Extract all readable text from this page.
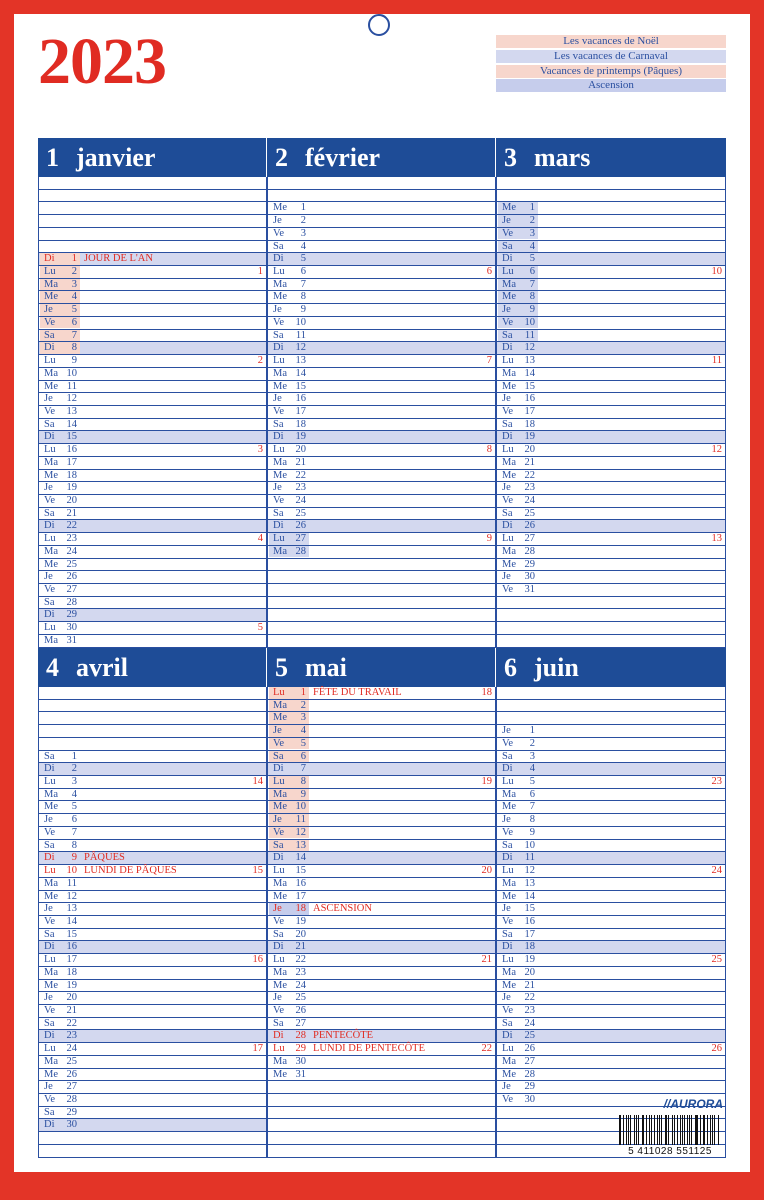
2023	Les vacances de Noël
Les vacances de Carnaval
Vacances de printemps (Pâques)
Ascension
1 janvier
Di	1 JOUR DE L'AN
Lu	2	1
Ma	3
Me	4
Je	5
Ve	6
Sa	7
Di	8
Lu	9	2
Ma 10
Me 11
Je	12
Ve	13
Sa	14
Di	15
Lu	16	3
Ma 17
Me 18
Je	19
Ve	20
Sa	21
Di	22
Lu	23	4
Ma 24
Me 25
Je	26
Ve	27
Sa	28
Di	29
Lu	30	5
Ma 31
2 février
Me	1
Je	2
Ve	3
Sa	4
Di	5
Lu	6	6
Ma	7
Me	8
Je	9
Ve	10
Sa	11
Di	12
Lu	13	7
Ma 14
Me 15
Je	16
Ve	17
Sa	18
Di	19
Lu	20	8
Ma 21
Me 22
Je	23
Ve	24
Sa	25
Di	26
Lu	27	9
Ma 28
3 mars
Me	1
Je	2
Ve	3
Sa	4
Di	5
Lu	6	10
Ma	7
Me	8
Je	9
Ve	10
Sa	11
Di	12
Lu	13	11
Ma 14
Me 15
Je	16
Ve	17
Sa	18
Di	19
Lu	20	12
Ma 21
Me 22
Je	23
Ve	24
Sa	25
Di	26
Lu	27	13
Ma 28
Me 29
Je	30
Ve	31
4 avril
Sa	1
Di	2
Lu	3	14
Ma	4
Me	5
Je	6
Ve	7
Sa	8
Di	9 PÂQUES
Lu	10 LUNDI DE PÂQUES	15
Ma 11
Me 12
Je	13
Ve	14
Sa	15
Di	16
Lu	17	16
Ma 18
Me 19
Je	20
Ve	21
Sa	22
Di	23
Lu	24	17
Ma 25
Me 26
Je	27
Ve	28
Sa	29
Di	30
5 mai
Lu	1 FÊTE DU TRAVAIL	18
Ma	2
Me	3
Je	4
Ve	5
Sa	6
Di	7
Lu	8	19
Ma	9
Me 10
Je	11
Ve	12
Sa	13
Di	14
Lu	15	20
Ma 16
Me 17
Je	18 ASCENSION
Ve	19
Sa	20
Di	21
Lu	22	21
Ma 23
Me 24
Je	25
Ve	26
Sa	27
Di	28 PENTECÔTE
Lu	29 LUNDI DE PENTECÔTE	22
Ma 30
Me 31
6 juin
Je	1
Ve	2
Sa	3
Di	4
Lu	5	23
Ma	6
Me	7
Je	8
Ve	9
Sa	10
Di	11
Lu	12	24
Ma 13
Me 14
Je	15
Ve	16
Sa	17
Di	18
Lu	19	25
Ma 20
Me 21
Je	22
Ve	23
Sa	24
Di	25
Lu	26	26
Ma 27
Me 28
Je	29
Ve	30	//AURORA
5 411028 551125
